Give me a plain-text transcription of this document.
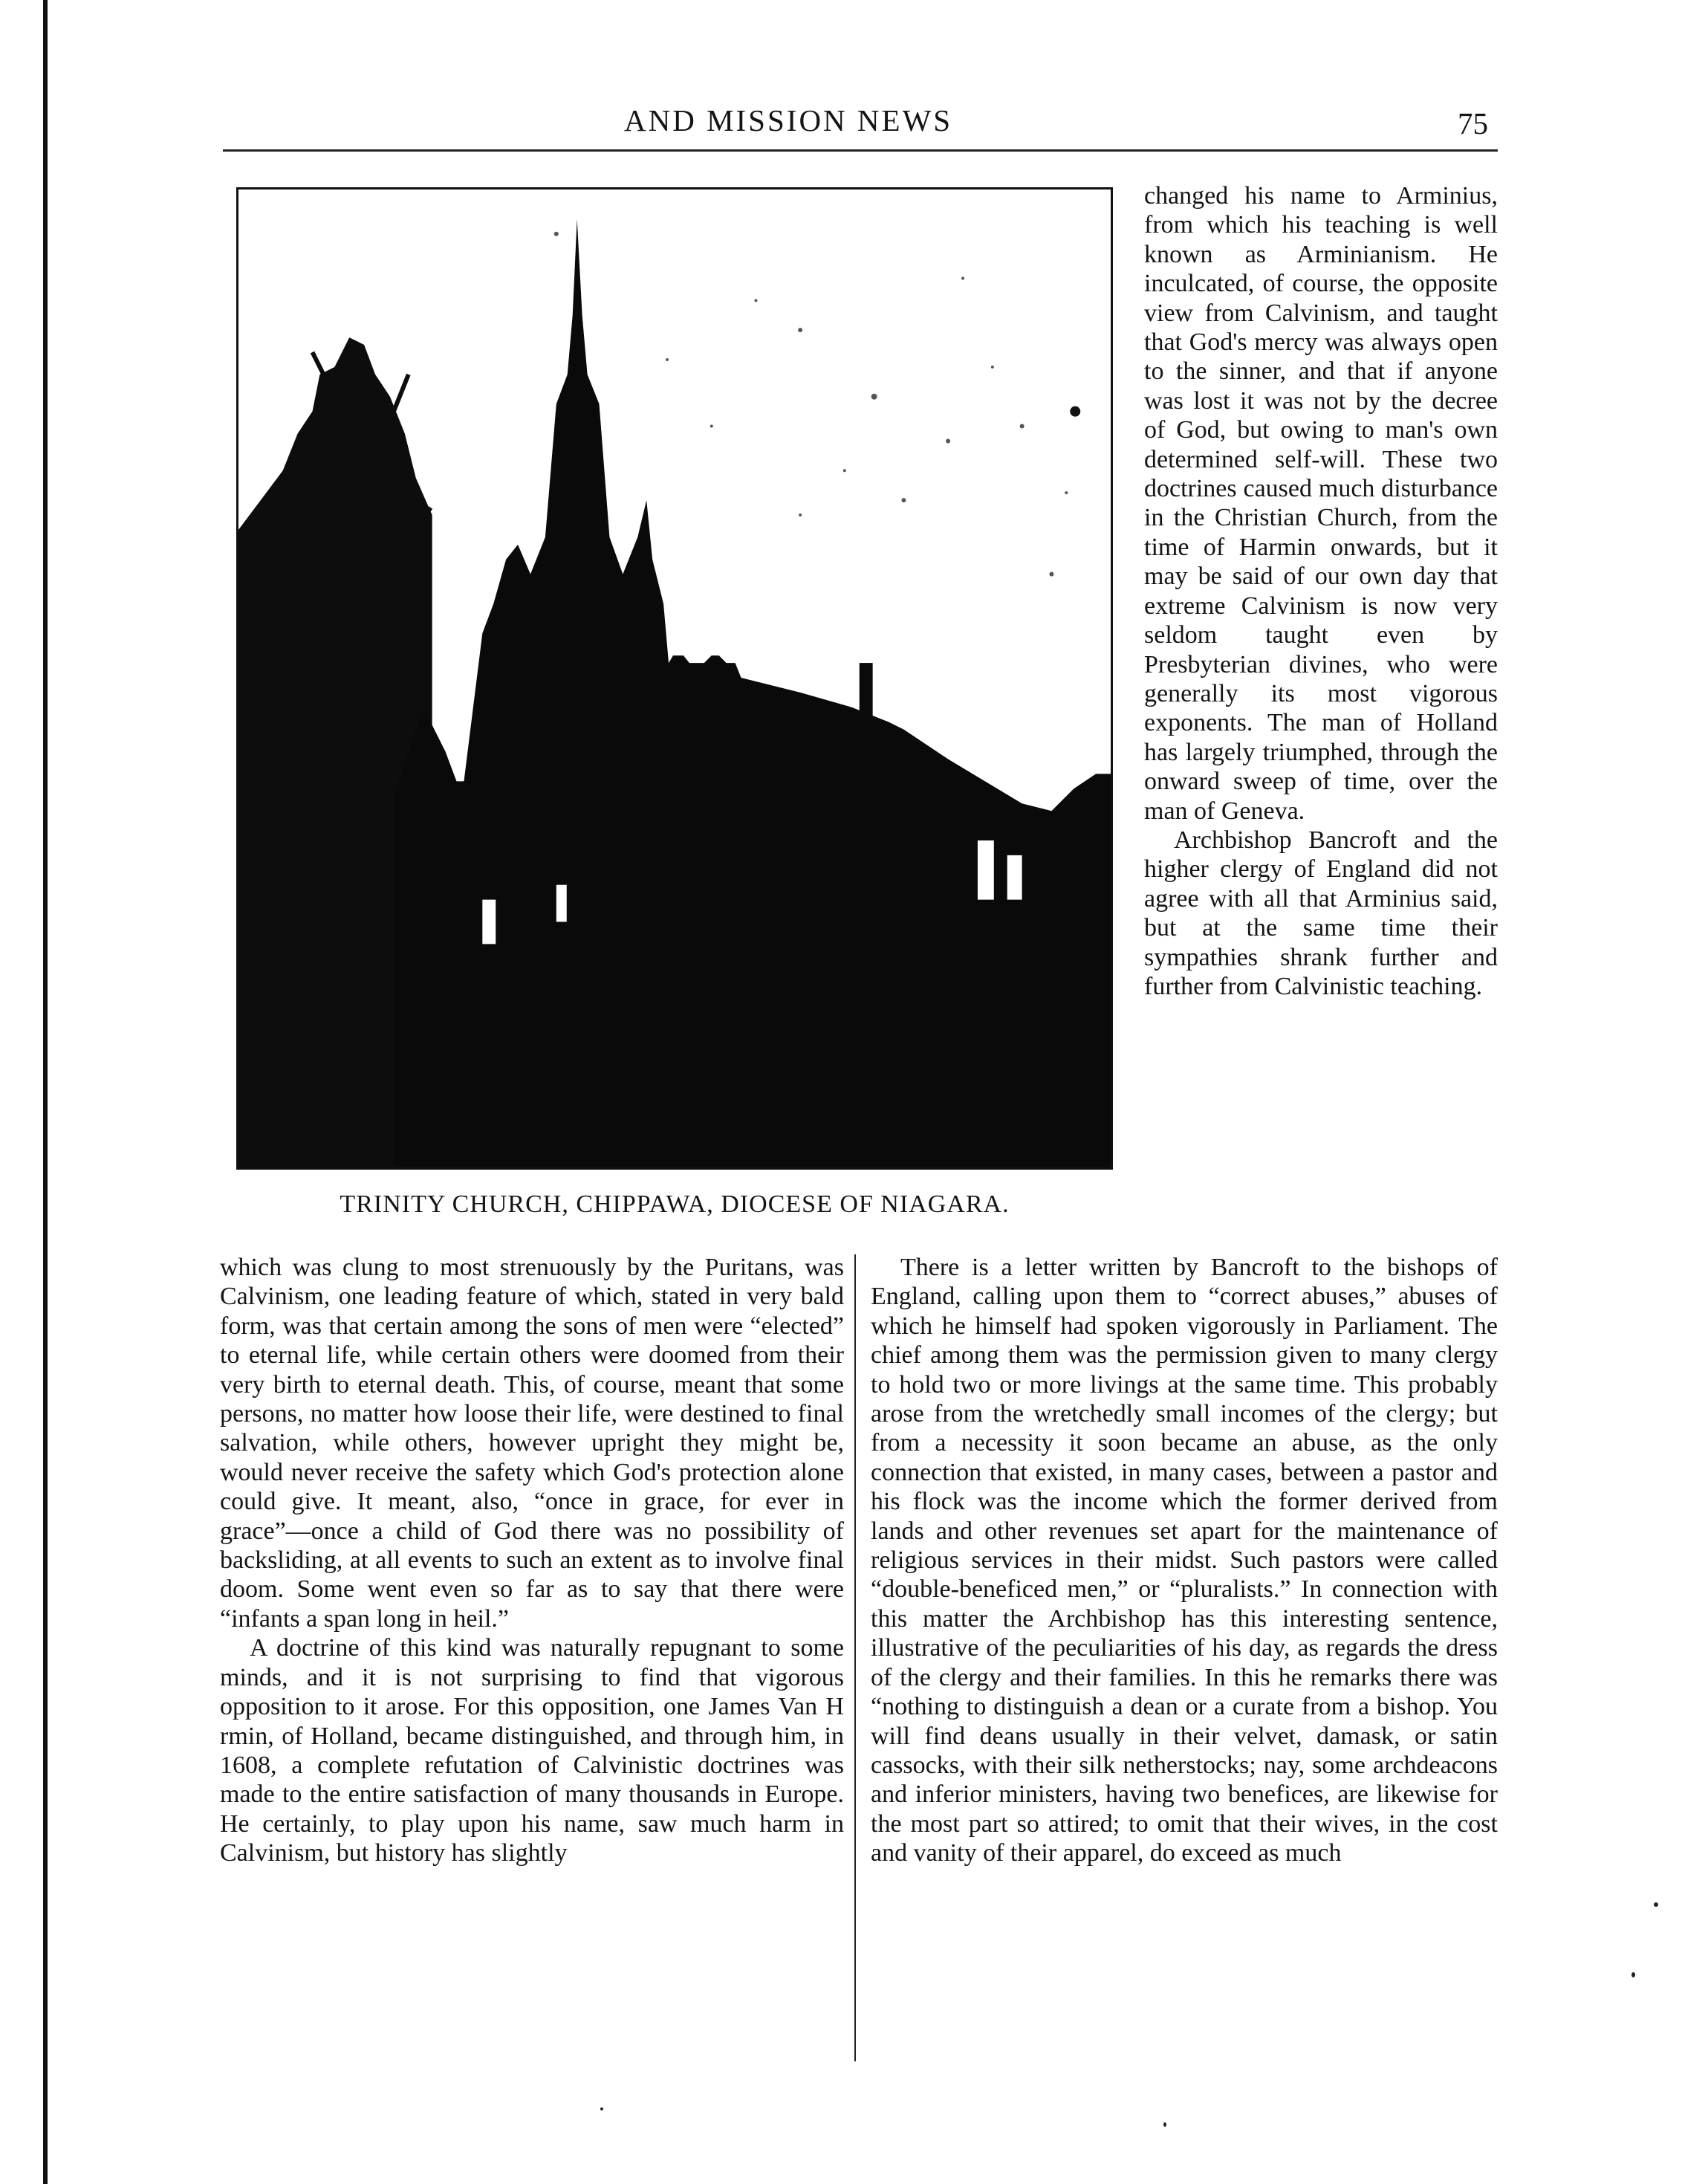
AND MISSION NEWS	75
TRINITY CHURCH, CHIPPAWA, DIOCESE OF NIAGARA.

changed his name to Arminius, from which his teaching is well known as Arminianism. He inculcated, of course, the opposite view from Calvinism, and taught that God's mercy was always open to the sinner, and that if anyone was lost it was not by the decree of God, but owing to man's own determined self-will. These two doctrines caused much disturbance in the Christian Church, from the time of Harmin onwards, but it may be said of our own day that extreme Calvinism is now very seldom taught even by Presbyterian divines, who were generally its most vigorous exponents. The man of Holland has largely triumphed, through the onward sweep of time, over the man of Geneva.

Archbishop Bancroft and the higher clergy of England did not agree with all that Arminius said, but at the same time their sympathies shrank further and further from Calvinistic teaching.

which was clung to most strenuously by the Puritans, was Calvinism, one leading feature of which, stated in very bald form, was that certain among the sons of men were “elected” to eternal life, while certain others were doomed from their very birth to eternal death. This, of course, meant that some persons, no matter how loose their life, were destined to final salvation, while others, however upright they might be, would never receive the safety which God's protection alone could give. It meant, also, “once in grace, for ever in grace”—once a child of God there was no possibility of backsliding, at all events to such an extent as to involve final doom. Some went even so far as to say that there were “infants a span long in heil.”

A doctrine of this kind was naturally repugnant to some minds, and it is not surprising to find that vigorous opposition to it arose. For this opposition, one James Van H rmin, of Holland, became distinguished, and through him, in 1608, a complete refutation of Calvinistic doctrines was made to the entire satisfaction of many thousands in Europe. He certainly, to play upon his name, saw much harm in Calvinism, but history has slightly

There is a letter written by Bancroft to the bishops of England, calling upon them to “correct abuses,” abuses of which he himself had spoken vigorously in Parliament. The chief among them was the permission given to many clergy to hold two or more livings at the same time. This probably arose from the wretchedly small incomes of the clergy; but from a necessity it soon became an abuse, as the only connection that existed, in many cases, between a pastor and his flock was the income which the former derived from lands and other revenues set apart for the maintenance of religious services in their midst. Such pastors were called “double-beneficed men,” or “pluralists.” In connection with this matter the Archbishop has this interesting sentence, illustrative of the peculiarities of his day, as regards the dress of the clergy and their families. In this he remarks there was “nothing to distinguish a dean or a curate from a bishop. You will find deans usually in their velvet, damask, or satin cassocks, with their silk netherstocks; nay, some archdeacons and inferior ministers, having two benefices, are likewise for the most part so attired; to omit that their wives, in the cost and vanity of their apparel, do exceed as much
